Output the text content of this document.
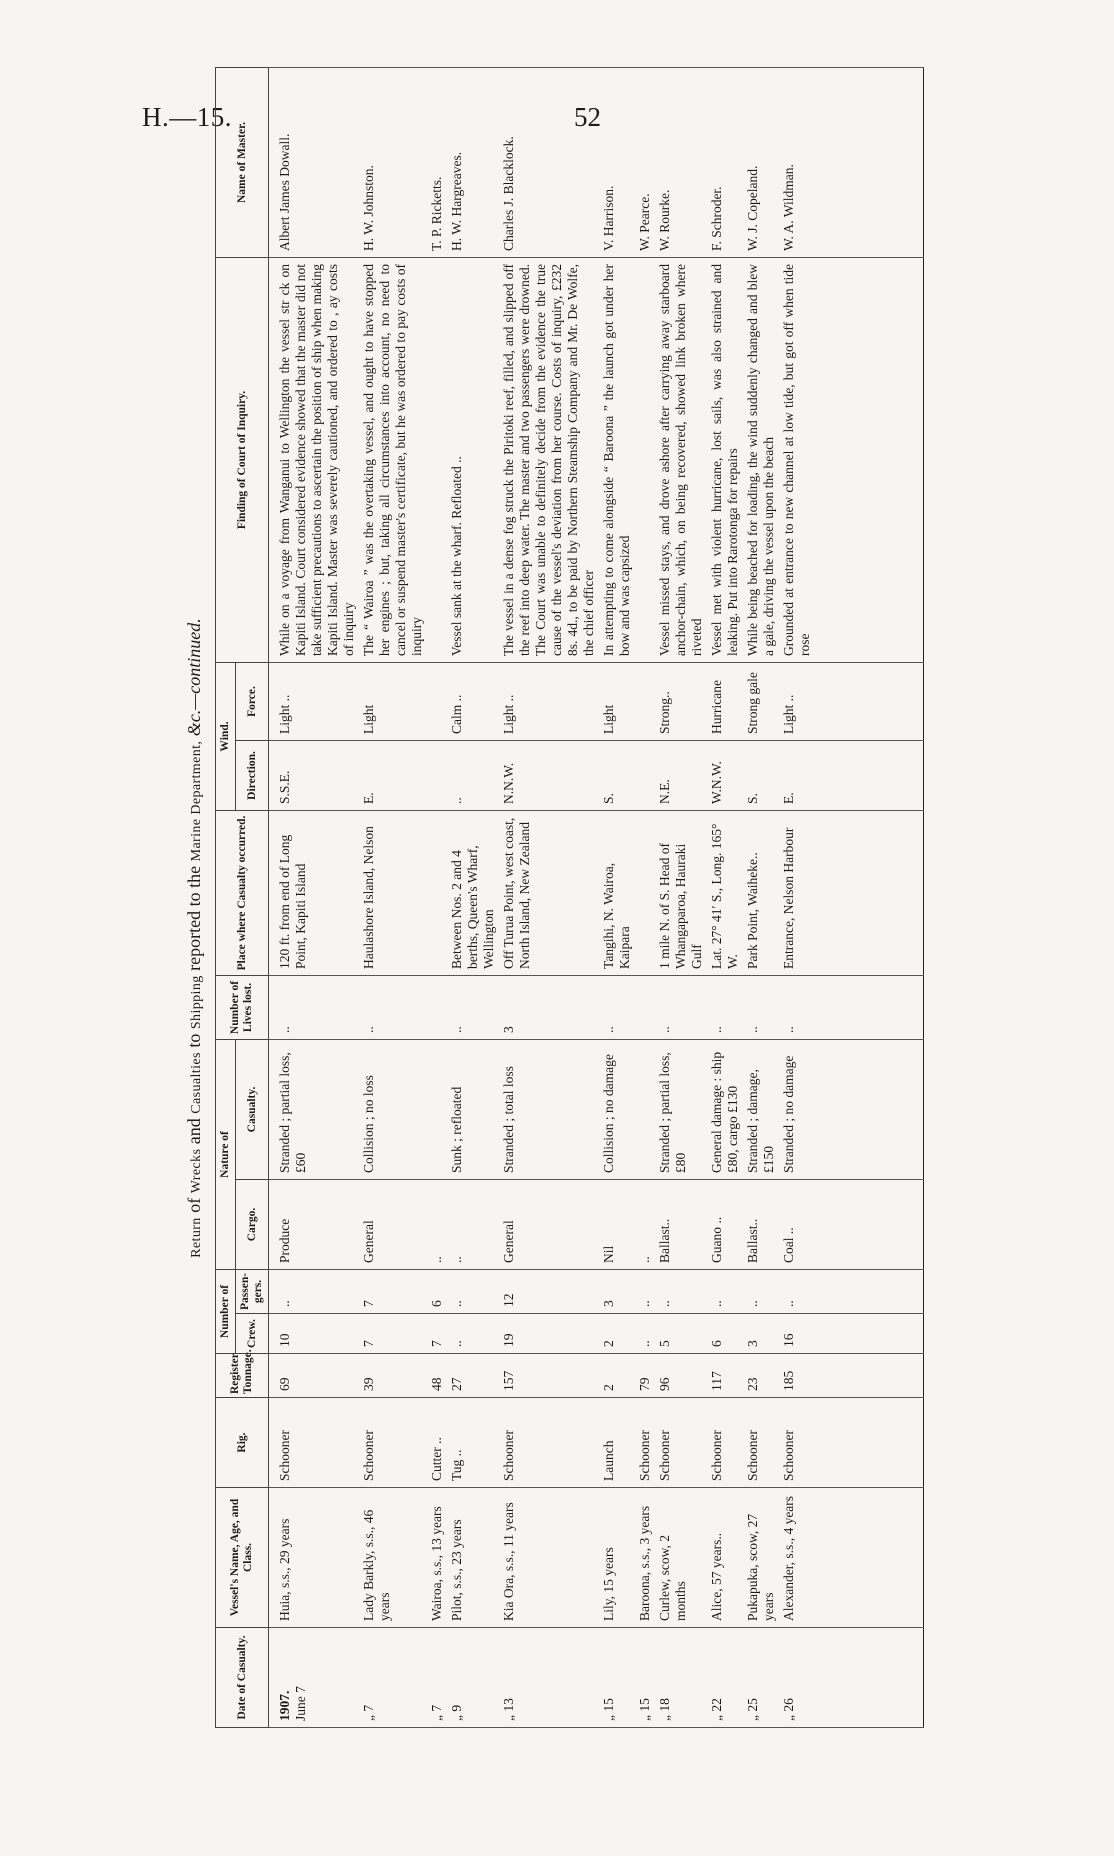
H.—15.	52
Return of Wrecks and Casualties to Shipping reported to the Marine Department, &c.—continued.
Date of Casualty.	Vessel's Name, Age, and Class.	Rig.	Register Tonnage.	Number of		Nature of		Number of Lives lost.	Place where Casualty occurred.	Wind.		Finding of Court of Inquiry.	Name of Master.
				Crew.	Passen-gers.	Cargo.	Casualty.			Direction.	Force.		

1907. June 7	Huia, s.s., 29 years	Schooner	69	10	..	Produce	Stranded ; partial loss, £60	..	120 ft. from end of Long Point, Kapiti Island	S.S.E.	Light ..	While on a voyage from Wanganui to Wellington the vessel str ck on Kapiti Island. Court considered evidence showed that the master did not take sufficient precautions to ascertain the position of ship when making Kapiti Island. Master was severely cautioned, and ordered to , ay costs of inquiry	Albert James Dowall.
„ 7	Lady Barkly, s.s., 46 years	Schooner	39	7	7	General	Collision ; no loss	..	Haulashore Island, Nelson	E.	Light	The “ Wairoa ” was the overtaking vessel, and ought to have stopped her engines ; but, taking all circumstances into account, no need to cancel or suspend master's certificate, but he was ordered to pay costs of inquiry	H. W. Johnston.
„ 7	Wairoa, s.s., 13 years	Cutter ..	48	7	6	..							T. P. Ricketts.
„ 9	Pilot, s.s., 23 years	Tug ..	27	..	..	..	Sunk ; refloated	..	Between Nos. 2 and 4 berths, Queen's Wharf, Wellington	..	Calm ..	Vessel sank at the wharf. Refloated ..	H. W. Hargreaves.
„ 13	Kia Ora, s.s., 11 years	Schooner	157	19	12	General	Stranded ; total loss	3	Off Turua Point, west coast, North Island, New Zealand	N.N.W.	Light ..	The vessel in a dense fog struck the Piritoki reef, filled, and slipped off the reef into deep water. The master and two passengers were drowned. The Court was unable to definitely decide from the evidence the true cause of the vessel's deviation from her course. Costs of inquiry, £232 8s. 4d., to be paid by Northern Steamship Company and Mr. De Wolfe, the chief officer	Charles J. Blacklock.
„ 15	Lily, 15 years	Launch	2	2	3	Nil	Collision ; no damage	..	Tangihi, N. Wairoa, Kaipara	S.	Light	In attempting to come alongside “ Baroona ” the launch got under her bow and was capsized	V. Harrison.
„ 15	Baroona, s.s., 3 years	Schooner	79	..	..	..							W. Pearce.
„ 18	Curlew, scow, 2 months	Schooner	96	5	..	Ballast..	Stranded ; partial loss, £80	..	1 mile N. of S. Head of Whangaparoa, Hauraki Gulf	N.E.	Strong..	Vessel missed stays, and drove ashore after carrying away starboard anchor-chain, which, on being recovered, showed link broken where riveted	W. Rourke.
„ 22	Alice, 57 years..	Schooner	117	6	..	Guano ..	General damage : ship £80, cargo £130	..	Lat. 27° 41′ S., Long. 165° W.	W.N.W.	Hurricane	Vessel met with violent hurricane, lost sails, was also strained and leaking. Put into Rarotonga for repairs	F. Schroder.
„ 25	Pukapuka, scow, 27 years	Schooner	23	3	..	Ballast..	Stranded ; damage, £150	..	Park Point, Waiheke..	S.	Strong gale	While being beached for loading, the wind suddenly changed and blew a gale, driving the vessel upon the beach	W. J. Copeland.
„ 26	Alexander, s.s., 4 years	Schooner	185	16	..	Coal ..	Stranded ; no damage	..	Entrance, Nelson Harbour	E.	Light ..	Grounded at entrance to new channel at low tide, but got off when tide rose	W. A. Wildman.
